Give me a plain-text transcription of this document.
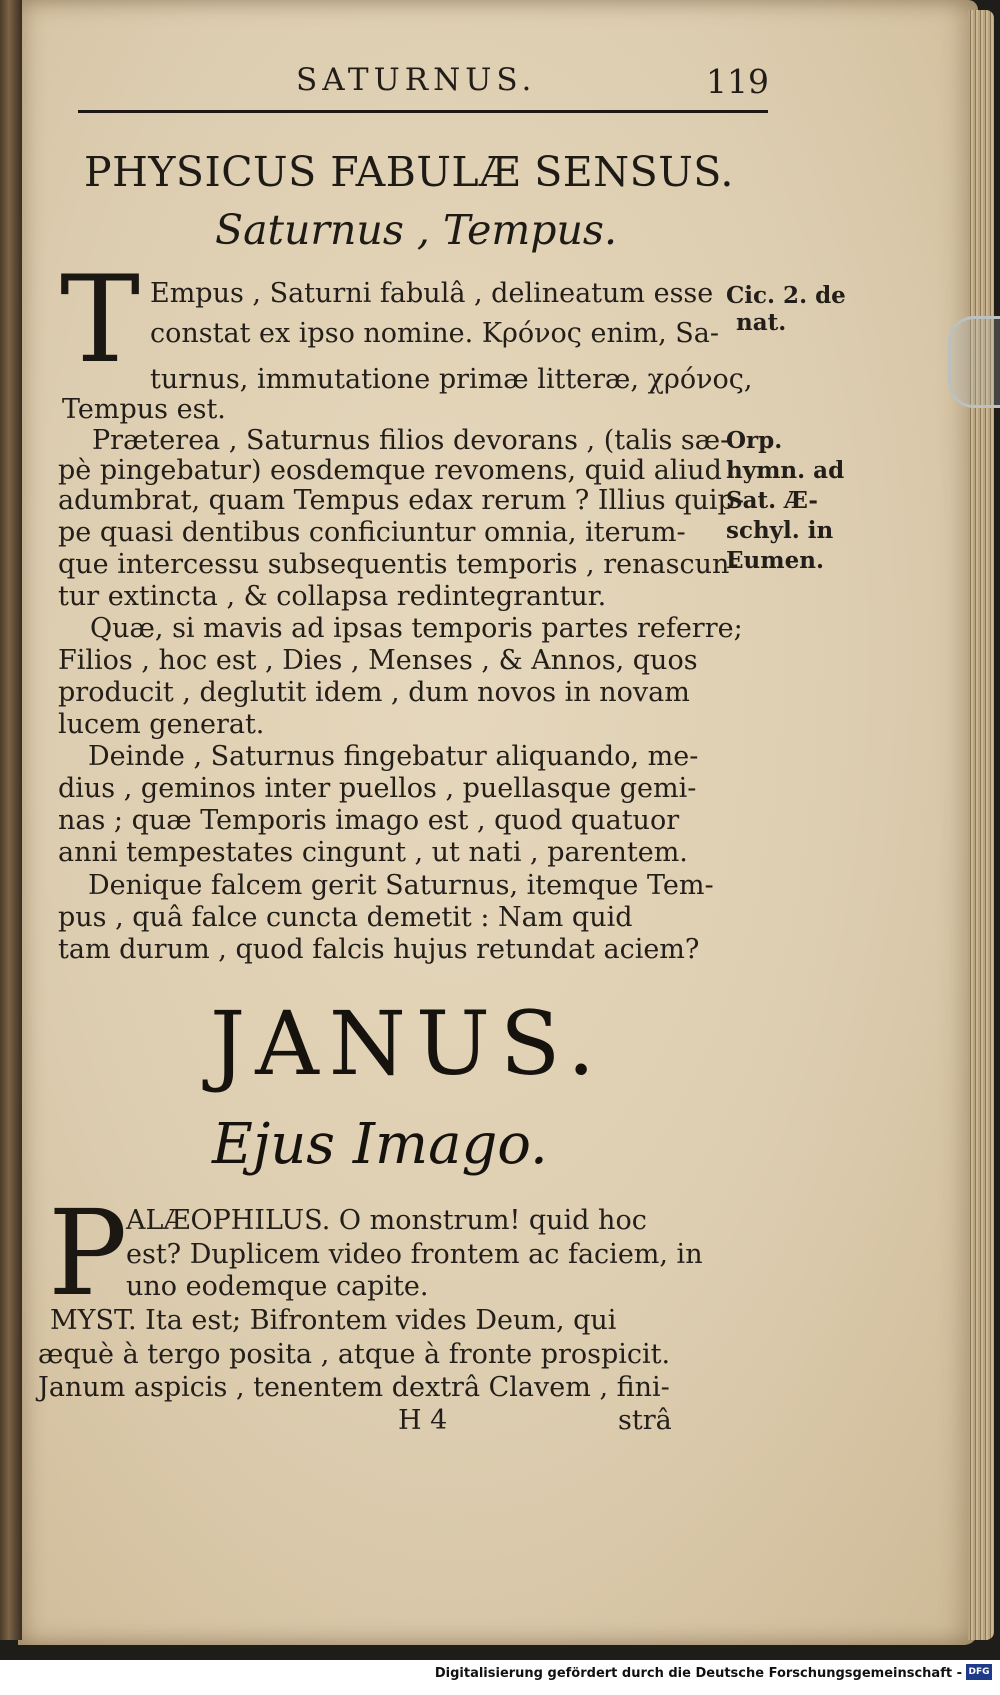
SATURNUS.	119
PHYSICUS FABULÆ SENSUS.
Saturnus , Tempus.
T Empus , Saturni fabulâ , delineatum esse
constat ex ipso nomine. Κρόνος enim, Sa-
turnus, immutatione primæ litteræ, χρόνος,
Tempus est.
Præterea , Saturnus filios devorans , (talis sæ-
pè pingebatur) eosdemque revomens, quid aliud
adumbrat, quam Tempus edax rerum ? Illius quip-
pe quasi dentibus conficiuntur omnia, iterum-
que intercessu subsequentis temporis , renascun-
tur extincta , & collapsa redintegrantur.
Quæ, si mavis ad ipsas temporis partes referre;
Filios , hoc est , Dies , Menses , & Annos, quos
producit , deglutit idem , dum novos in novam
lucem generat.
Deinde , Saturnus fingebatur aliquando, me-
dius , geminos inter puellos , puellasque gemi-
nas ; quæ Temporis imago est , quod quatuor
anni tempestates cingunt , ut nati , parentem.
Denique falcem gerit Saturnus, itemque Tem-
pus , quâ falce cuncta demetit : Nam quid
tam durum , quod falcis hujus retundat aciem?
JANUS.
Ejus Imago.
P
ALÆOPHILUS. O monstrum! quid hoc
est? Duplicem video frontem ac faciem, in
uno eodemque capite.
MYST. Ita est; Bifrontem vides Deum, qui
æquè à tergo posita , atque à fronte prospicit.
Janum aspicis , tenentem dextrâ Clavem , fini-
H 4	strâ
Cic. 2. de
nat.
Orp.
hymn. ad
Sat. Æ-
schyl. in
Eumen.
Digitalisierung gefördert durch die Deutsche Forschungsgemeinschaft - DFG
